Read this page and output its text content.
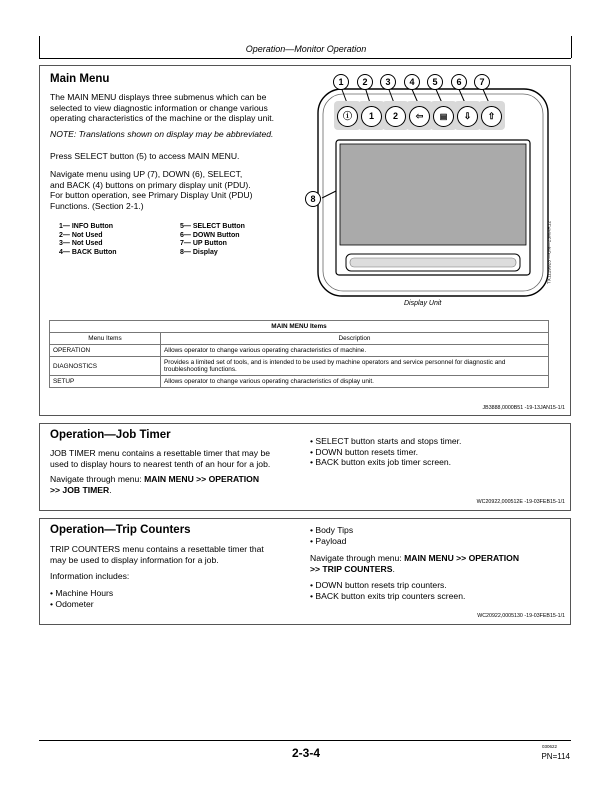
Operation—Monitor Operation
Main Menu
The MAIN MENU displays three submenus which can be
selected to view diagnostic information or change various
operating characteristics of the machine or the display unit.
NOTE: Translations shown on display may be abbreviated.
Press SELECT button (5) to access MAIN MENU.
Navigate menu using UP (7), DOWN (6), SELECT,
and BACK (4) buttons on primary display unit (PDU).
For button operation, see Primary Display Unit (PDU)
Functions. (Section 2-1.)
1— INFO Button
2— Not Used
3— Not Used
4— BACK Button
5— SELECT Button
6— DOWN Button
7— UP Button
8— Display
ⓘ	1	2	⇦	▤	⇩	⇧
1	2	3	4	5	6	7
8
TX1119923 —UN—23MAR12
Display Unit
MAIN MENU Items	
Menu Items	Description
OPERATION	Allows operator to change various operating characteristics of machine.
DIAGNOSTICS	Provides a limited set of tools, and is intended to be used by machine operators and service personnel for diagnostic and troubleshooting functions.
SETUP	Allows operator to change various operating characteristics of display unit.
JB3888,0000B51 -19-13JAN15-1/1
Operation—Job Timer
JOB TIMER menu contains a resettable timer that may be
used to display hours to nearest tenth of an hour for a job.
Navigate through menu: MAIN MENU >> OPERATION
>> JOB TIMER.
• SELECT button starts and stops timer.
• DOWN button resets timer.
• BACK button exits job timer screen.
WC20922,000512E -19-03FEB15-1/1
Operation—Trip Counters
TRIP COUNTERS menu contains a resettable timer that
may be used to display information for a job.
Information includes:
• Machine Hours
• Odometer
• Body Tips
• Payload
Navigate through menu: MAIN MENU >> OPERATION
>> TRIP COUNTERS.
• DOWN button resets trip counters.
• BACK button exits trip counters screen.
WC20922,0005130 -19-03FEB15-1/1
2-3-4	030622
PN=114
